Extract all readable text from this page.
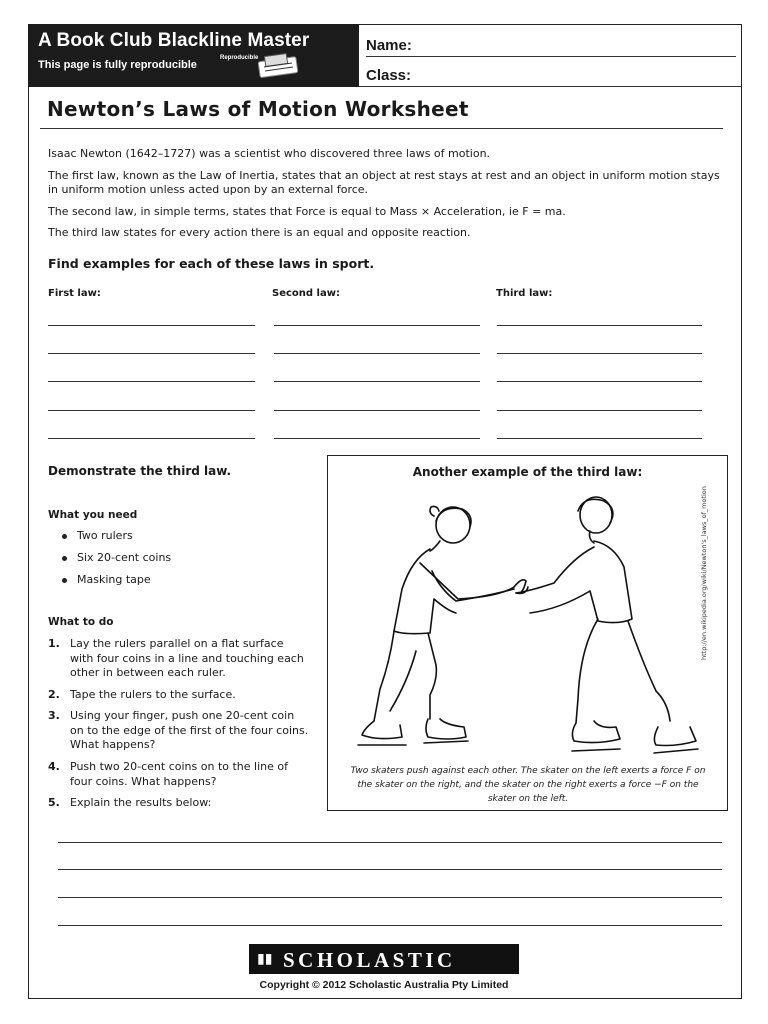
A Book Club Blackline Master
This page is fully reproducible
Reproducible
Name:
Class:
Newton’s Laws of Motion Worksheet
Isaac Newton (1642–1727) was a scientist who discovered three laws of motion.
The first law, known as the Law of Inertia, states that an object at rest stays at rest and an object in uniform motion stays in uniform motion unless acted upon by an external force.
The second law, in simple terms, states that Force is equal to Mass × Acceleration, ie F = ma.
The third law states for every action there is an equal and opposite reaction.
Find examples for each of these laws in sport.
First law:	Second law:	Third law:
Demonstrate the third law.
What you need
Two rulers
Six 20-cent coins
Masking tape
What to do
1. Lay the rulers parallel on a flat surface with four coins in a line and touching each other in between each ruler.
2. Tape the rulers to the surface.
3. Using your finger, push one 20-cent coin on to the edge of the first of the four coins. What happens?
4. Push two 20-cent coins on to the line of four coins. What happens?
5. Explain the results below:
Another example of the third law:
Two skaters push against each other. The skater on the left exerts a force F on the skater on the right, and the skater on the right exerts a force −F on the skater on the left.
http://en.wikipedia.org/wiki/Newton's_laws_of_motion
▮▮ SCHOLASTIC
Copyright © 2012 Scholastic Australia Pty Limited
